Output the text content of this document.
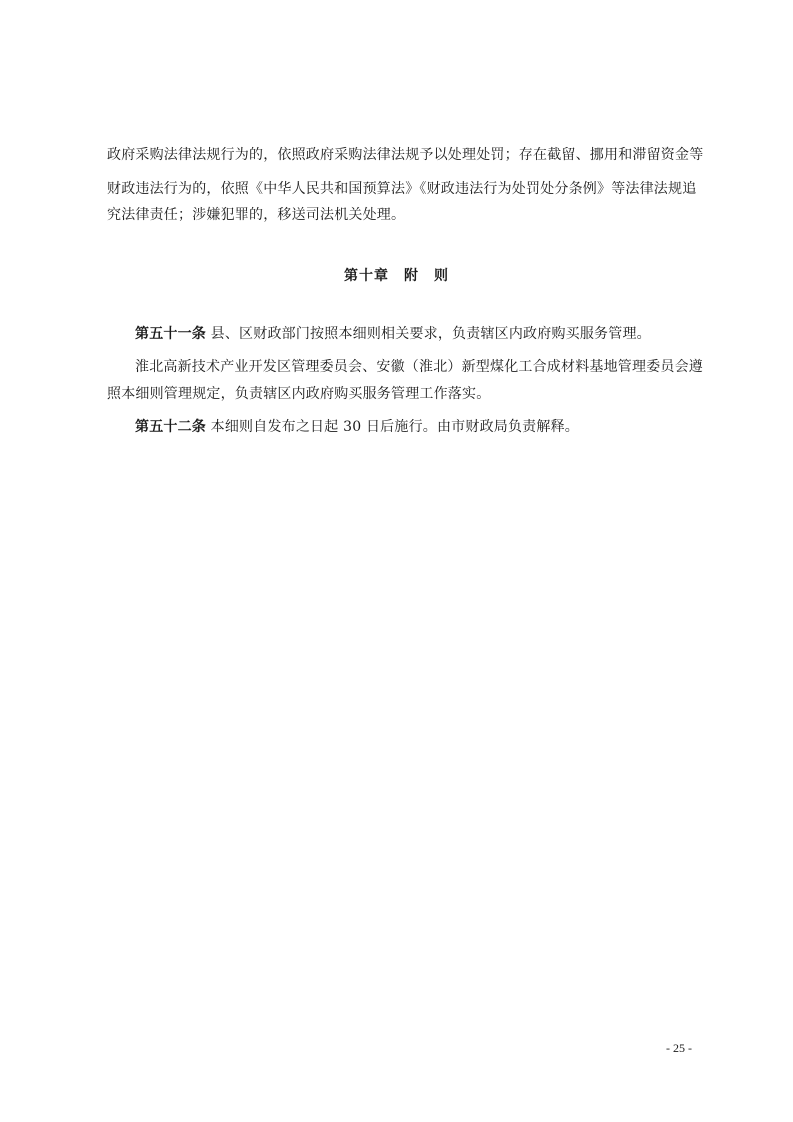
政府采购法律法规行为的，依照政府采购法律法规予以处理处罚；存在截留、挪用和滞留资金等
财政违法行为的，依照《中华人民共和国预算法》《财政违法行为处罚处分条例》等法律法规追
究法律责任；涉嫌犯罪的，移送司法机关处理。
第十章　附　则
第五十一条 县、区财政部门按照本细则相关要求，负责辖区内政府购买服务管理。
淮北高新技术产业开发区管理委员会、安徽（淮北）新型煤化工合成材料基地管理委员会遵
照本细则管理规定，负责辖区内政府购买服务管理工作落实。
第五十二条 本细则自发布之日起 30 日后施行。由市财政局负责解释。
- 25 -
